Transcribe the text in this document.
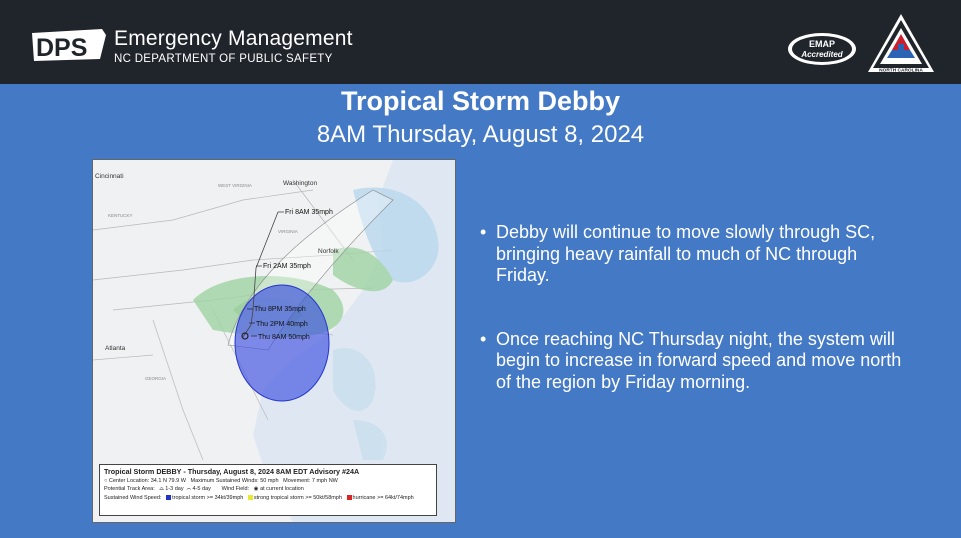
DPS Emergency Management
NC DEPARTMENT OF PUBLIC SAFETY
EMAP
Accredited
NORTH CAROLINA
Tropical Storm Debby
8AM Thursday, August 8, 2024
Cincinnati
WEST VIRGINIA	Washington
KENTUCKY
VIRGINIA
Norfolk
Atlanta
GEORGIA
Fri 8AM 35mph
Fri 2AM 35mph
Thu 8PM 35mph
Thu 2PM 40mph
Thu 8AM 50mph
Tropical Storm DEBBY - Thursday, August 8, 2024 8AM EDT Advisory #24A
○ Center Location: 34.1 N 79.9 W Maximum Sustained Winds: 50 mph Movement: 7 mph NW
Potential Track Area: ⌓ 1-3 day ⌒ 4-5 day Wind Field: ◉ at current location
Sustained Wind Speed: tropical storm >= 34kt/39mph strong tropical storm >= 50kt/58mph hurricane >= 64kt/74mph
• Debby will continue to move slowly through SC, bringing heavy rainfall to much of NC through Friday.
• Once reaching NC Thursday night, the system will begin to increase in forward speed and move north of the region by Friday morning.
